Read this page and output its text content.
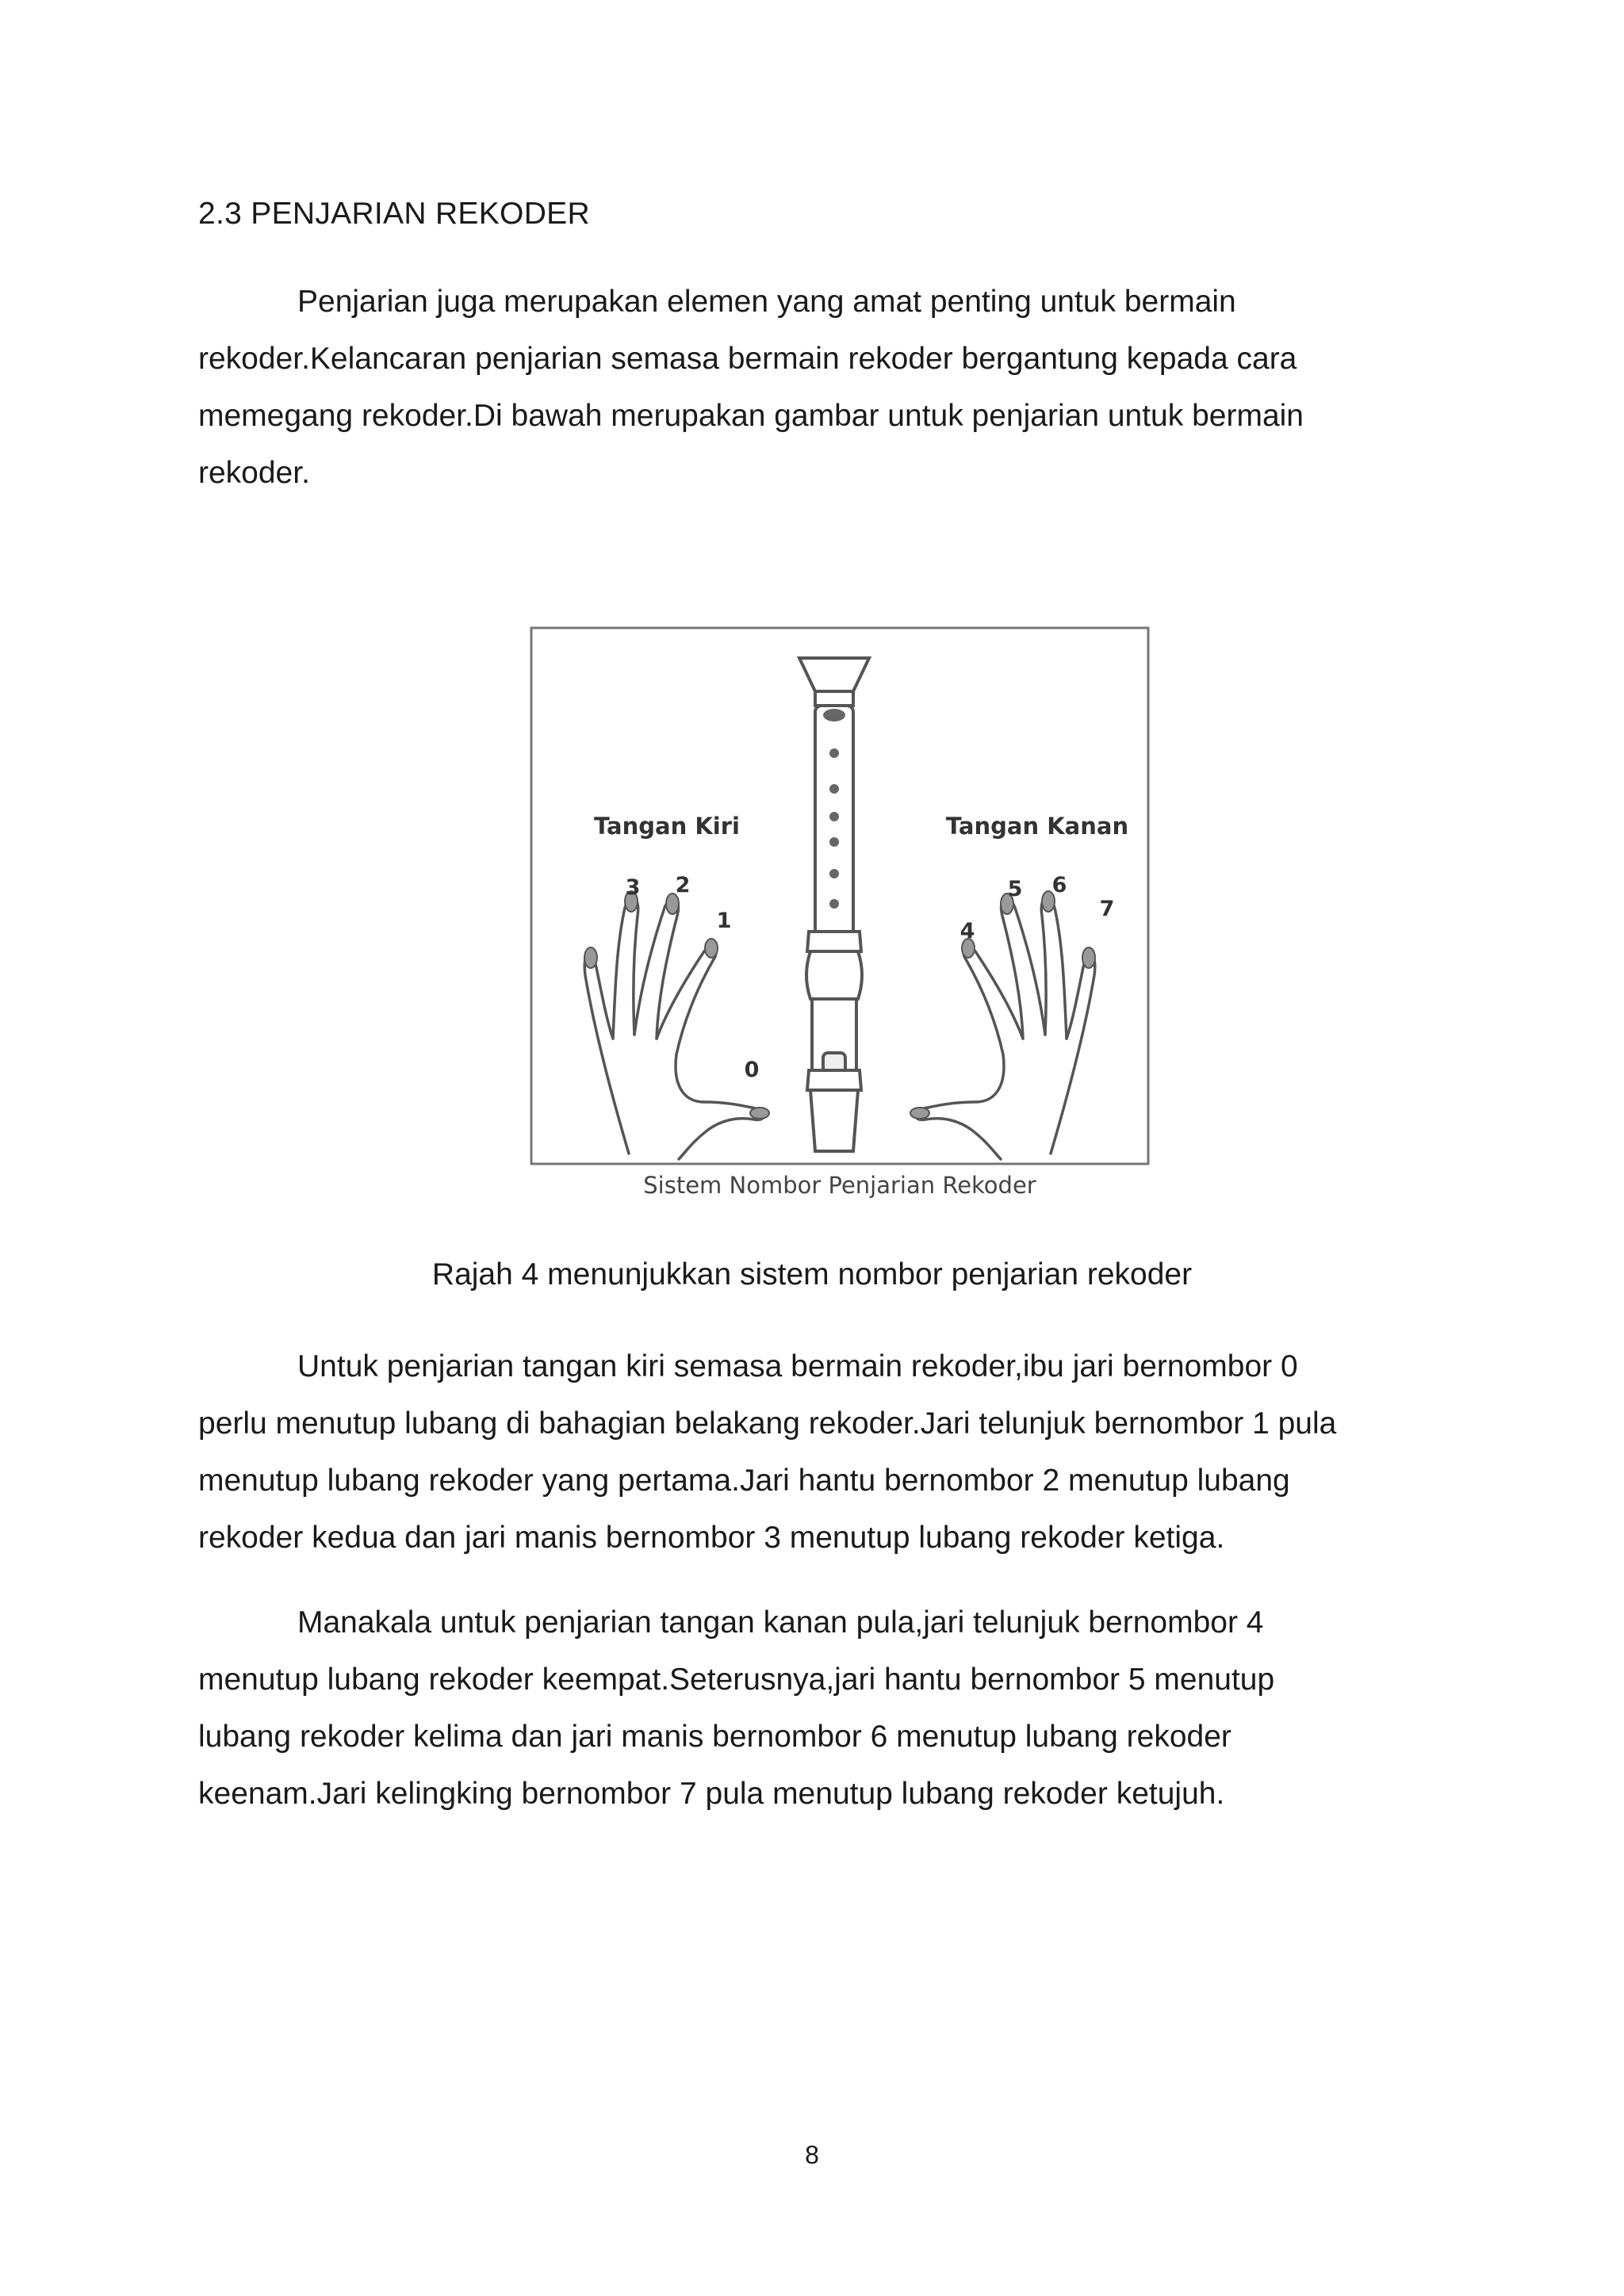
2.3 PENJARIAN REKODER

Penjarian juga merupakan elemen yang amat penting untuk bermain
rekoder.Kelancaran penjarian semasa bermain rekoder bergantung kepada cara
memegang rekoder.Di bawah merupakan gambar untuk penjarian untuk bermain
rekoder.

Tangan Kiri	Tangan Kanan
3 2
1
0
4
5 6
7
Sistem Nombor Penjarian Rekoder
Rajah 4 menunjukkan sistem nombor penjarian rekoder

Untuk penjarian tangan kiri semasa bermain rekoder,ibu jari bernombor 0
perlu menutup lubang di bahagian belakang rekoder.Jari telunjuk bernombor 1 pula
menutup lubang rekoder yang pertama.Jari hantu bernombor 2 menutup lubang
rekoder kedua dan jari manis bernombor 3 menutup lubang rekoder ketiga.

Manakala untuk penjarian tangan kanan pula,jari telunjuk bernombor 4
menutup lubang rekoder keempat.Seterusnya,jari hantu bernombor 5 menutup
lubang rekoder kelima dan jari manis bernombor 6 menutup lubang rekoder
keenam.Jari kelingking bernombor 7 pula menutup lubang rekoder ketujuh.

8
